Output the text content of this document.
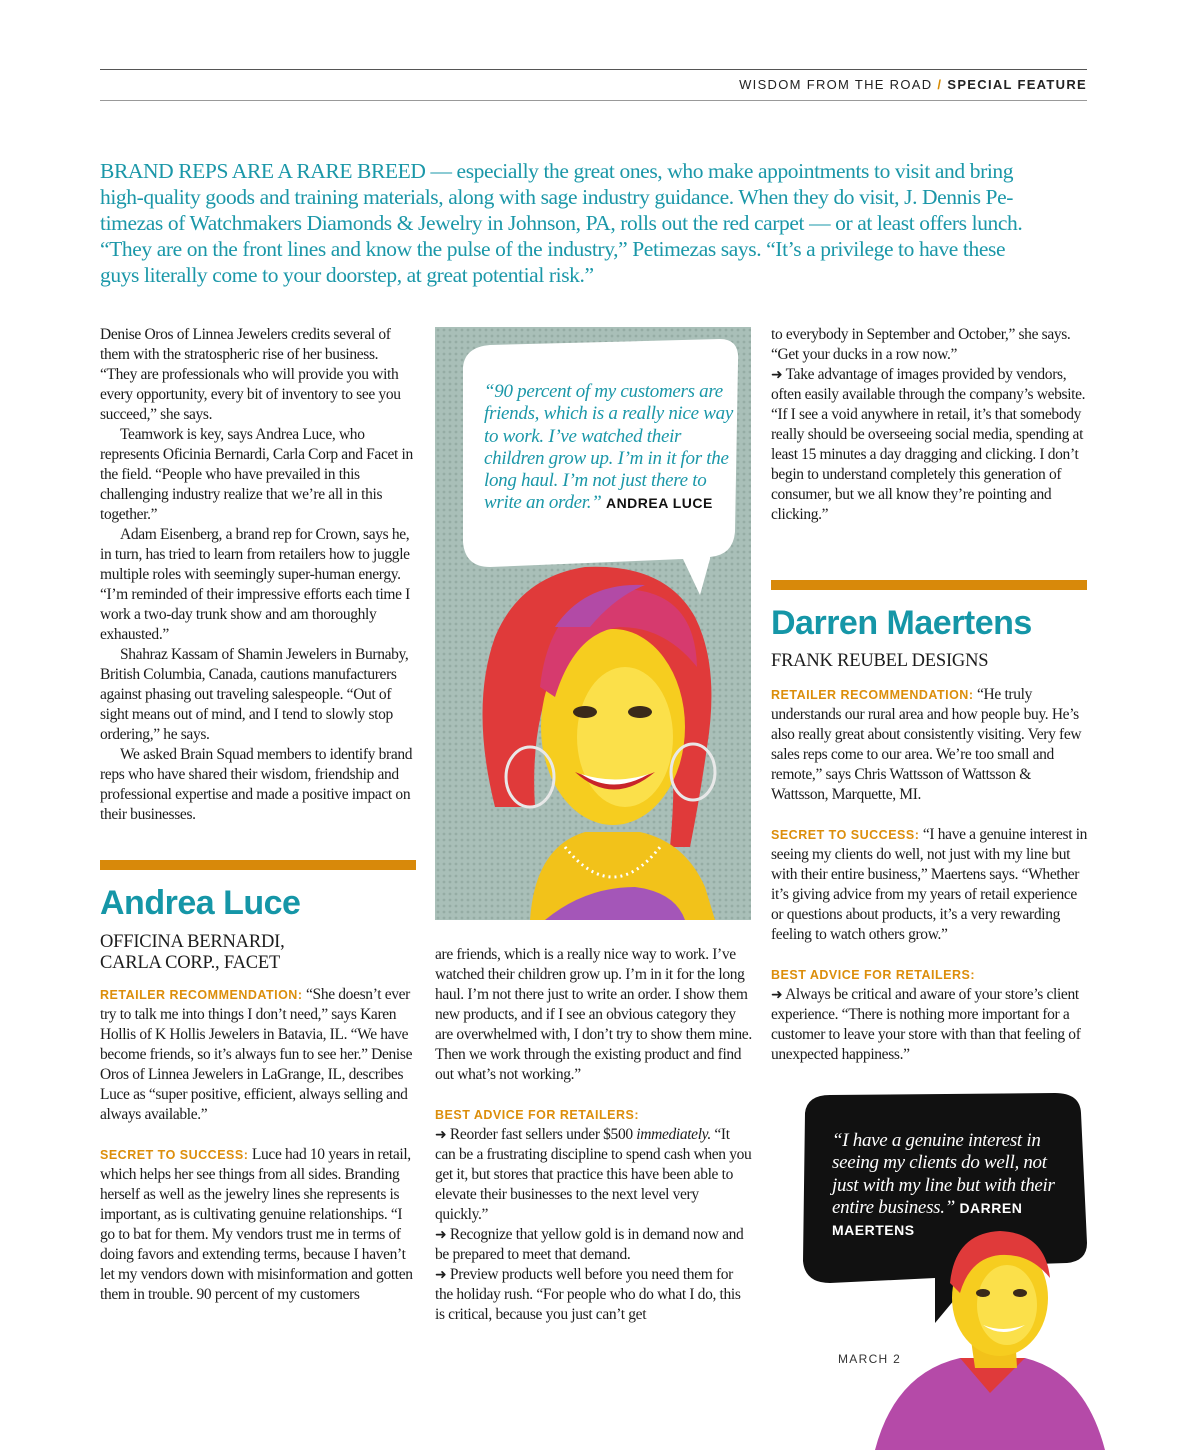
WISDOM FROM THE ROAD / SPECIAL FEATURE

BRAND REPS ARE A RARE BREED — especially the great ones, who make appointments to visit and bring

high-quality goods and training materials, along with sage industry guidance. When they do visit, J. Dennis Pe-

timezas of Watchmakers Diamonds & Jewelry in Johnson, PA, rolls out the red carpet — or at least offers lunch.

“They are on the front lines and know the pulse of the industry,” Petimezas says. “It’s a privilege to have these

guys literally come to your doorstep, at great potential risk.”

Denise Oros of Linnea Jewelers credits several of them with the stratospheric rise of her business. “They are professionals who will provide you with every opportunity, every bit of inventory to see you succeed,” she says.

Teamwork is key, says Andrea Luce, who represents Oficinia Bernardi, Carla Corp and Facet in the field. “People who have prevailed in this challenging industry realize that we’re all in this together.”

Adam Eisenberg, a brand rep for Crown, says he, in turn, has tried to learn from retailers how to juggle multiple roles with seemingly super-human energy. “I’m reminded of their impressive efforts each time I work a two-day trunk show and am thoroughly exhausted.”

Shahraz Kassam of Shamin Jewelers in Burnaby, British Columbia, Canada, cautions manufacturers against phasing out traveling salespeople. “Out of sight means out of mind, and I tend to slowly stop ordering,” he says.

We asked Brain Squad members to identify brand reps who have shared their wisdom, friendship and professional expertise and made a positive impact on their businesses.

Andrea Luce
OFFICINA BERNARDI,
CARLA CORP., FACET

RETAILER RECOMMENDATION: “She doesn’t ever try to talk me into things I don’t need,” says Karen Hollis of K Hollis Jewelers in Batavia, IL. “We have become friends, so it’s always fun to see her.” Denise Oros of Linnea Jewelers in LaGrange, IL, describes Luce as “super positive, efficient, always selling and always available.”

SECRET TO SUCCESS: Luce had 10 years in retail, which helps her see things from all sides. Branding herself as well as the jewelry lines she represents is important, as is cultivating genuine relationships. “I go to bat for them. My vendors trust me in terms of doing favors and extending terms, because I haven’t let my vendors down with misinformation and gotten them in trouble. 90 percent of my customers

“90 percent of my customers are friends, which is a really nice way to work. I’ve watched their children grow up. I’m in it for the long haul. I’m not just there to write an order.” ANDREA LUCE

are friends, which is a really nice way to work. I’ve watched their children grow up. I’m in it for the long haul. I’m not there just to write an order. I show them new products, and if I see an obvious category they are overwhelmed with, I don’t try to show them mine. Then we work through the existing product and find out what’s not working.”

BEST ADVICE FOR RETAILERS:

➜ Reorder fast sellers under $500 immediately. “It can be a frustrating discipline to spend cash when you get it, but stores that practice this have been able to elevate their businesses to the next level very quickly.”

➜ Recognize that yellow gold is in demand now and be prepared to meet that demand.

➜ Preview products well before you need them for the holiday rush. “For people who do what I do, this is critical, because you just can’t get

to everybody in September and October,” she says. “Get your ducks in a row now.”

➜ Take advantage of images provided by vendors, often easily available through the company’s website. “If I see a void anywhere in retail, it’s that somebody really should be overseeing social media, spending at least 15 minutes a day dragging and clicking. I don’t begin to understand completely this generation of consumer, but we all know they’re pointing and clicking.”

Darren Maertens
FRANK REUBEL DESIGNS

RETAILER RECOMMENDATION: “He truly understands our rural area and how people buy. He’s also really great about consistently visiting. Very few sales reps come to our area. We’re too small and remote,” says Chris Wattsson of Wattsson & Wattsson, Marquette, MI.

SECRET TO SUCCESS: “I have a genuine interest in seeing my clients do well, not just with my line but with their entire business,” Maertens says. “Whether it’s giving advice from my years of retail experience or questions about products, it’s a very rewarding feeling to watch others grow.”

BEST ADVICE FOR RETAILERS:

➜ Always be critical and aware of your store’s client experience. “There is nothing more important for a customer to leave your store with than that feeling of unexpected happiness.”

“I have a genuine interest in seeing my clients do well, not just with my line but with their entire business.” DARREN MAERTENS
MARCH 2
